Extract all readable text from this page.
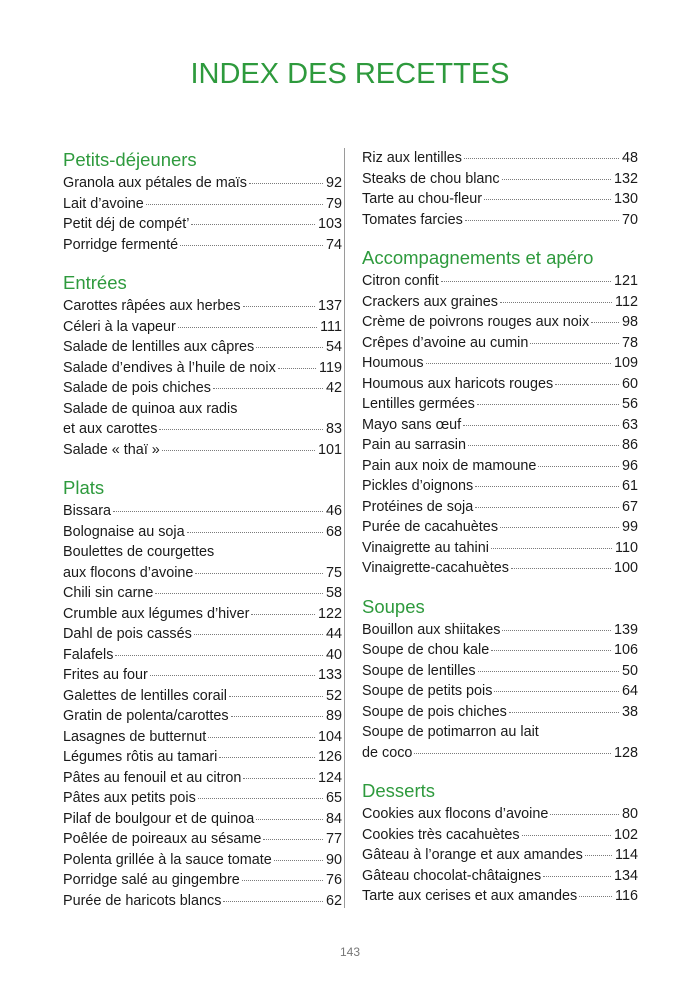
INDEX DES RECETTES
Petits-déjeuners
Granola aux pétales de maïs	92
Lait d’avoine	79
Petit déj de compét’	103
Porridge fermenté	74
Entrées
Carottes râpées aux herbes	137
Céleri à la vapeur	111
Salade de lentilles aux câpres	54
Salade d’endives à l’huile de noix	119
Salade de pois chiches	42
Salade de quinoa aux radis
et aux carottes	83
Salade « thaï »	101
Plats
Bissara	46
Bolognaise au soja	68
Boulettes de courgettes
aux flocons d’avoine	75
Chili sin carne	58
Crumble aux légumes d’hiver	122
Dahl de pois cassés	44
Falafels	40
Frites au four	133
Galettes de lentilles corail	52
Gratin de polenta/carottes	89
Lasagnes de butternut	104
Légumes rôtis au tamari	126
Pâtes au fenouil et au citron	124
Pâtes aux petits pois	65
Pilaf de boulgour et de quinoa	84
Poêlée de poireaux au sésame	77
Polenta grillée à la sauce tomate	90
Porridge salé au gingembre	76
Purée de haricots blancs	62
Riz aux lentilles	48
Steaks de chou blanc	132
Tarte au chou-fleur	130
Tomates farcies	70
Accompagnements et apéro
Citron confit	121
Crackers aux graines	112
Crème de poivrons rouges aux noix 98
Crêpes d’avoine au cumin	78
Houmous	109
Houmous aux haricots rouges	60
Lentilles germées	56
Mayo sans œuf	63
Pain au sarrasin	86
Pain aux noix de mamoune	96
Pickles d’oignons	61
Protéines de soja	67
Purée de cacahuètes	99
Vinaigrette au tahini	110
Vinaigrette-cacahuètes	100
Soupes
Bouillon aux shiitakes	139
Soupe de chou kale	106
Soupe de lentilles	50
Soupe de petits pois	64
Soupe de pois chiches	38
Soupe de potimarron au lait
de coco	128
Desserts
Cookies aux flocons d’avoine	80
Cookies très cacahuètes	102
Gâteau à l’orange et aux amandes 114
Gâteau chocolat-châtaignes	134
Tarte aux cerises et aux amandes	116
143
